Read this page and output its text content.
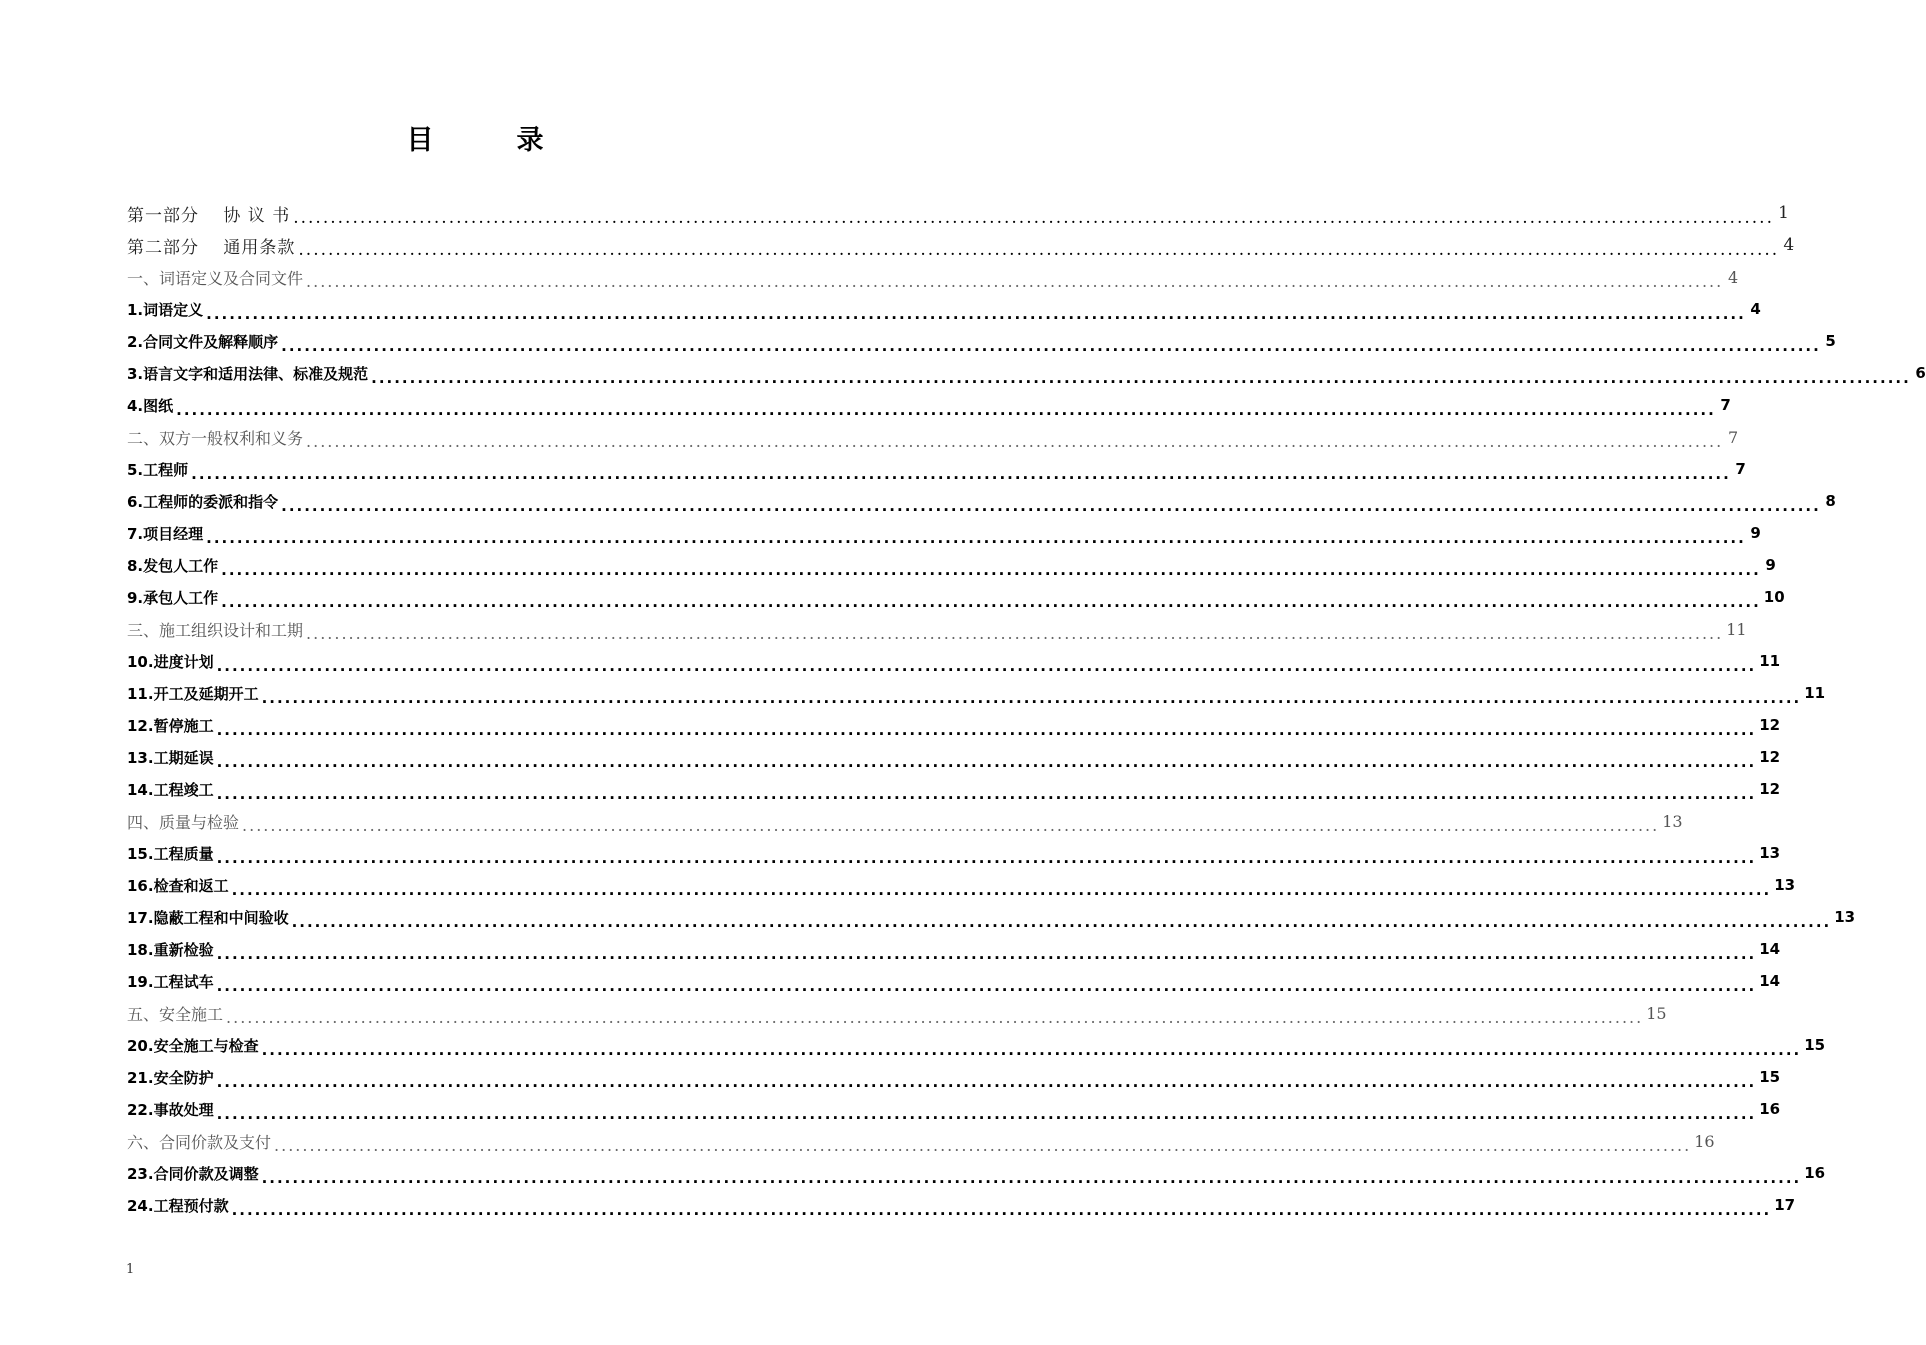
目　录
第一部分　 协 议 书 ........................................................................................................................................................................................................ 1
第二部分　 通用条款 ........................................................................................................................................................................................................ 4
一、词语定义及合同文件 ........................................................................................................................................................................................................ 4
1.词语定义 ........................................................................................................................................................................................................ 4
2.合同文件及解释顺序 ........................................................................................................................................................................................................ 5
3.语言文字和适用法律、标准及规范 ........................................................................................................................................................................................................ 6
4.图纸 ........................................................................................................................................................................................................ 7
二、双方一般权利和义务 ........................................................................................................................................................................................................ 7
5.工程师 ........................................................................................................................................................................................................ 7
6.工程师的委派和指令 ........................................................................................................................................................................................................ 8
7.项目经理 ........................................................................................................................................................................................................ 9
8.发包人工作 ........................................................................................................................................................................................................ 9
9.承包人工作 ........................................................................................................................................................................................................ 10
三、施工组织设计和工期 ........................................................................................................................................................................................................ 11
10.进度计划 ........................................................................................................................................................................................................ 11
11.开工及延期开工 ........................................................................................................................................................................................................ 11
12.暂停施工 ........................................................................................................................................................................................................ 12
13.工期延误 ........................................................................................................................................................................................................ 12
14.工程竣工 ........................................................................................................................................................................................................ 12
四、质量与检验 ........................................................................................................................................................................................................ 13
15.工程质量 ........................................................................................................................................................................................................ 13
16.检查和返工 ........................................................................................................................................................................................................ 13
17.隐蔽工程和中间验收 ........................................................................................................................................................................................................ 13
18.重新检验 ........................................................................................................................................................................................................ 14
19.工程试车 ........................................................................................................................................................................................................ 14
五、安全施工 ........................................................................................................................................................................................................ 15
20.安全施工与检查 ........................................................................................................................................................................................................ 15
21.安全防护 ........................................................................................................................................................................................................ 15
22.事故处理 ........................................................................................................................................................................................................ 16
六、合同价款及支付 ........................................................................................................................................................................................................ 16
23.合同价款及调整 ........................................................................................................................................................................................................ 16
24.工程预付款 ........................................................................................................................................................................................................ 17
1
